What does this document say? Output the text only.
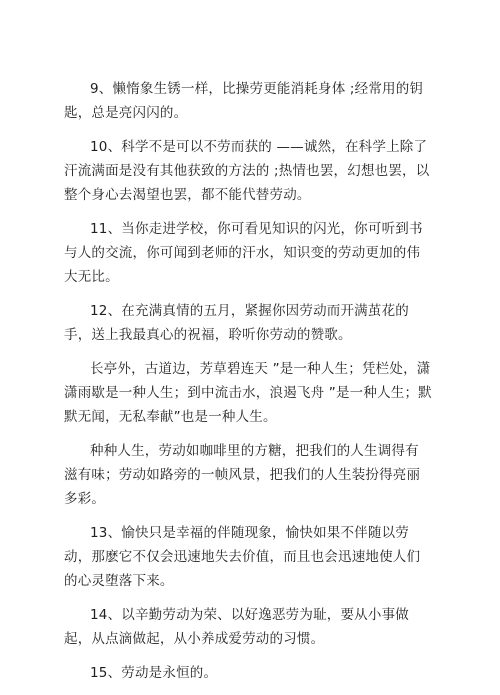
9、懒惰象生锈一样，比操劳更能消耗身体 ;经常用的钥匙，总是亮闪闪的。

10、科学不是可以不劳而获的 ——诚然，在科学上除了汗流满面是没有其他获致的方法的 ;热情也罢，幻想也罢，以整个身心去渴望也罢，都不能代替劳动。

11、当你走进学校，你可看见知识的闪光，你可听到书与人的交流，你可闻到老师的汗水，知识变的劳动更加的伟大无比。

12、在充满真情的五月，紧握你因劳动而开满茧花的手，送上我最真心的祝福，聆听你劳动的赞歌。

长亭外，古道边，芳草碧连天 ”是一种人生；凭栏处，潇潇雨歇是一种人生；到中流击水，浪遏飞舟 ”是一种人生；默默无闻，无私奉献”也是一种人生。

种种人生，劳动如咖啡里的方糖，把我们的人生调得有滋有味；劳动如路旁的一帧风景，把我们的人生装扮得亮丽多彩。

13、愉快只是幸福的伴随现象，愉快如果不伴随以劳动，那麽它不仅会迅速地失去价值，而且也会迅速地使人们的心灵堕落下来。

14、以辛勤劳动为荣、以好逸恶劳为耻，要从小事做起，从点滴做起，从小养成爱劳动的习惯。

15、劳动是永恒的。
